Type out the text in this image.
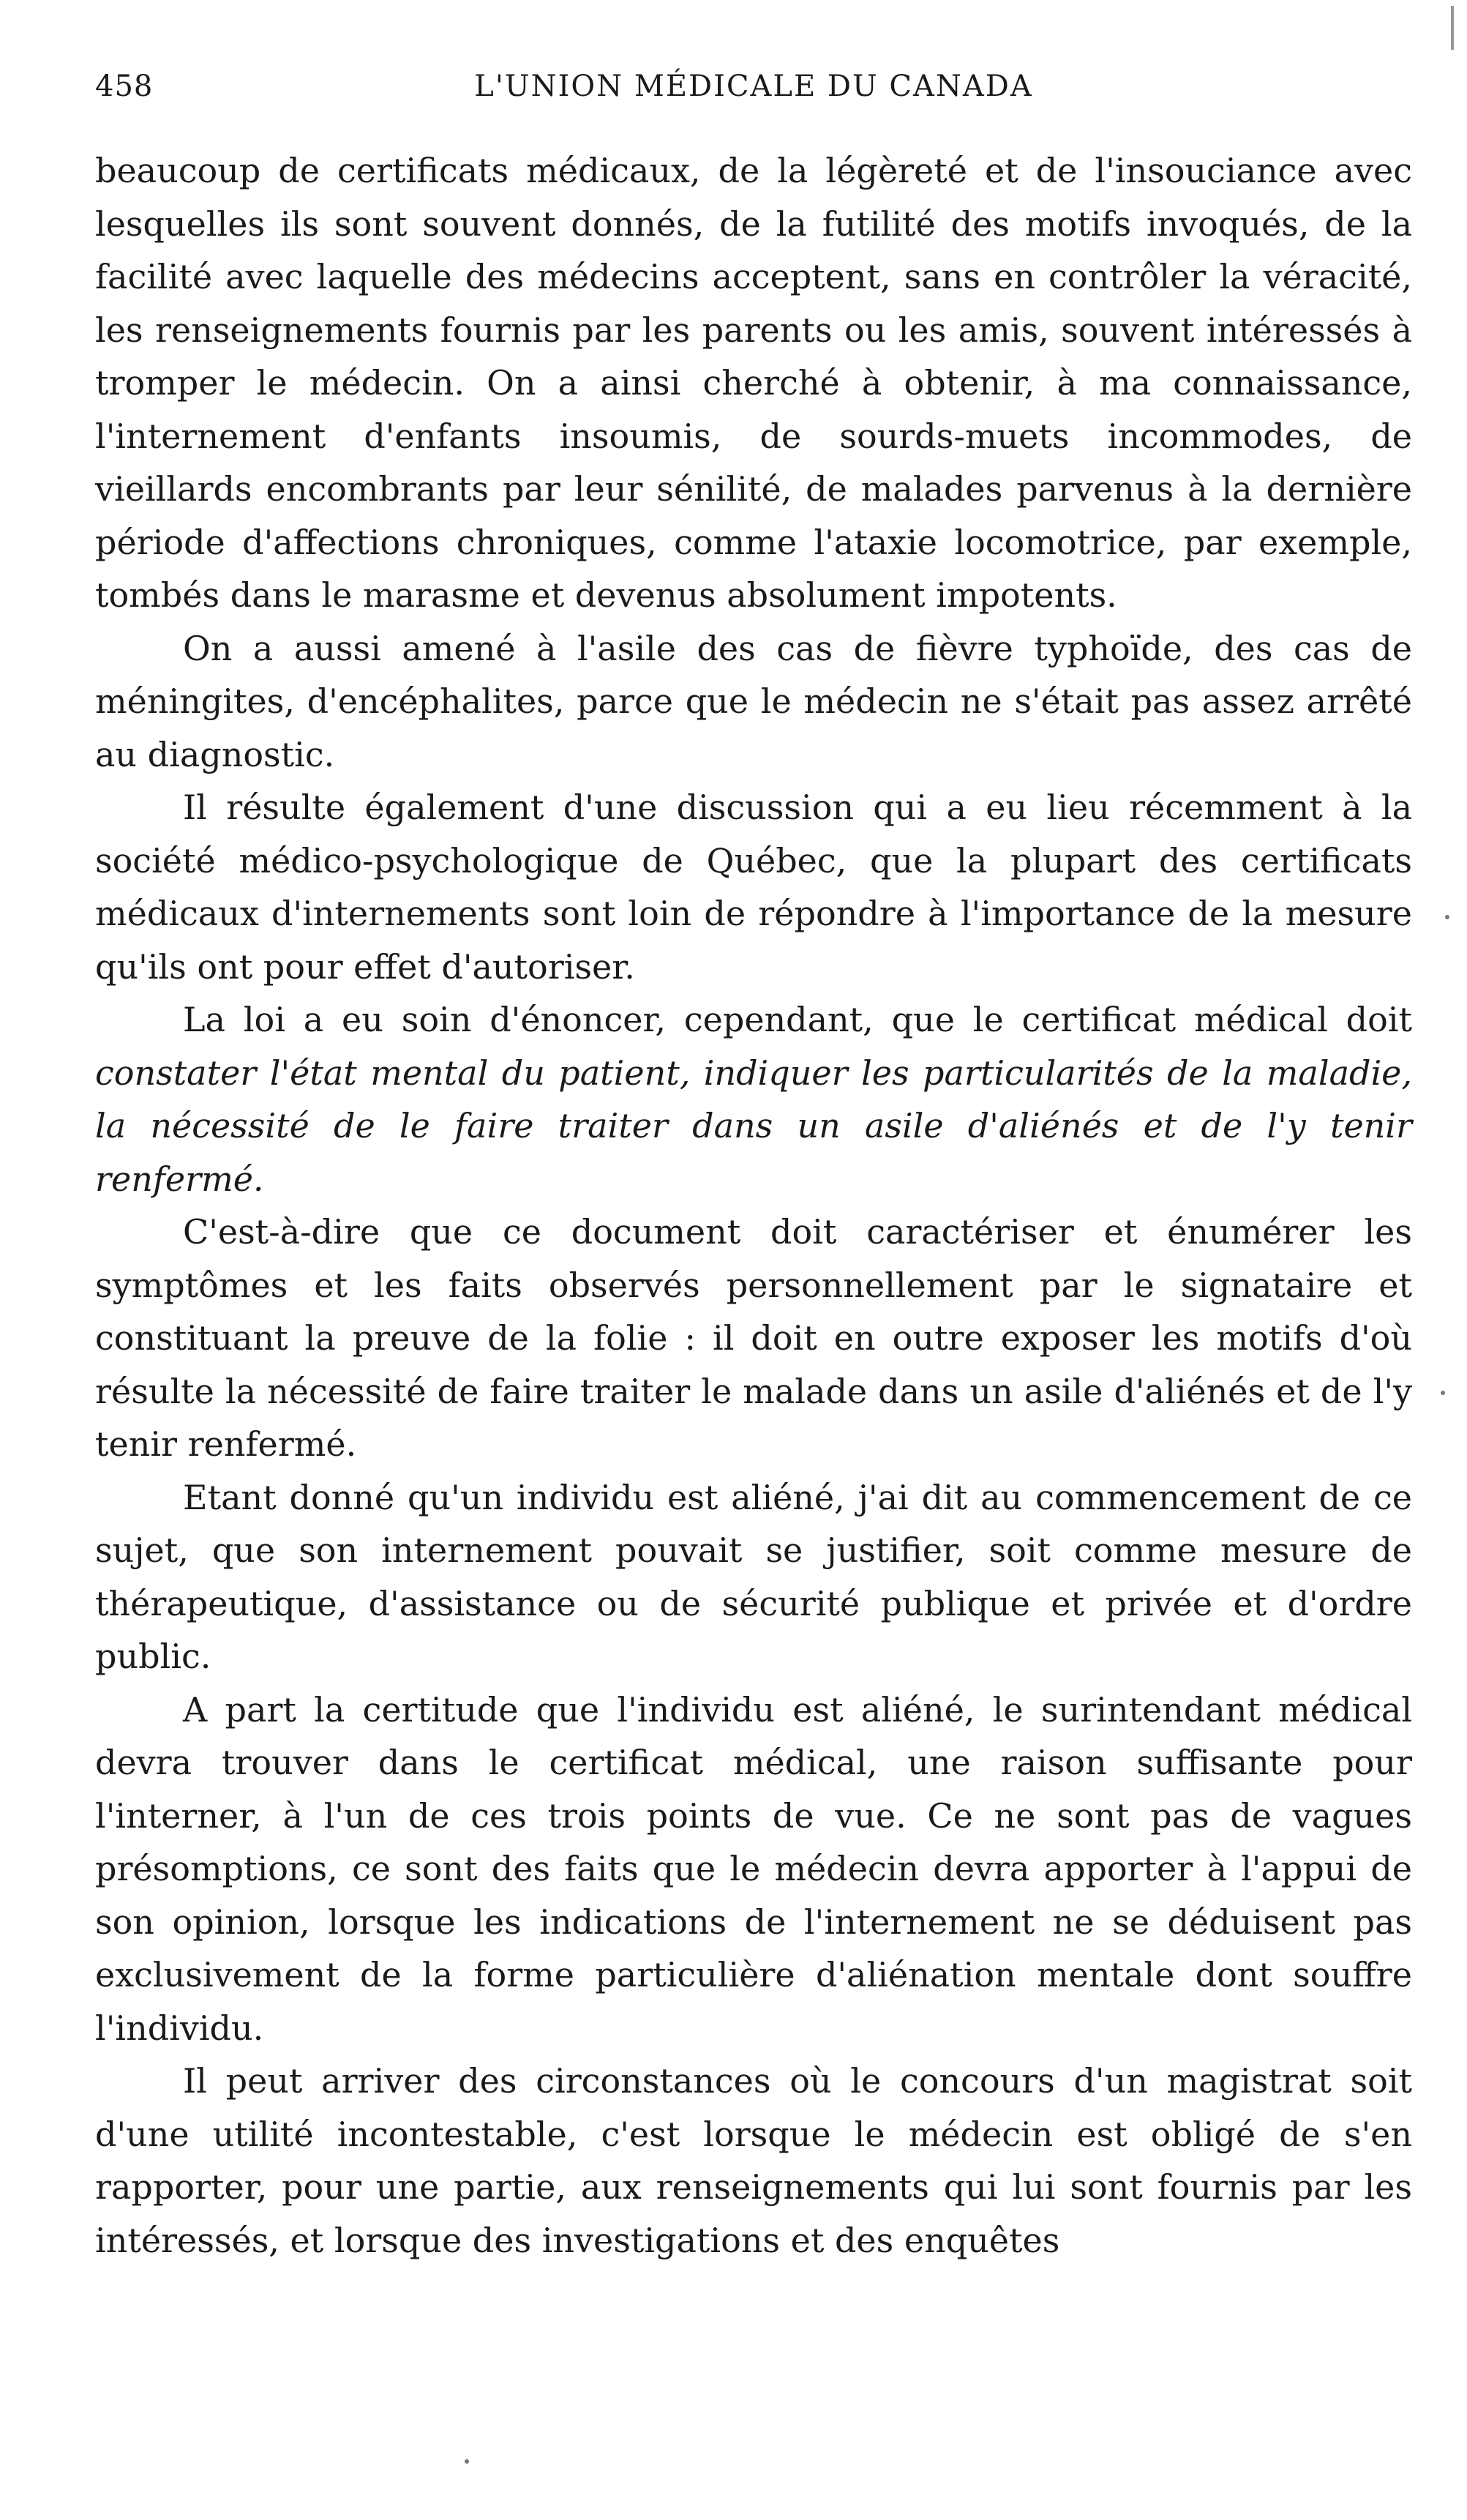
458	L'UNION MÉDICALE DU CANADA

beaucoup de certificats médicaux, de la légèreté et de l'insouciance avec lesquelles ils sont souvent donnés, de la futilité des motifs invoqués, de la facilité avec laquelle des médecins acceptent, sans en contrôler la véracité, les renseignements fournis par les parents ou les amis, souvent intéressés à tromper le médecin. On a ainsi cherché à obtenir, à ma connaissance, l'internement d'enfants insoumis, de sourds-muets incommodes, de vieillards encombrants par leur sénilité, de malades parvenus à la dernière période d'affections chroniques, comme l'ataxie locomotrice, par exemple, tombés dans le marasme et devenus absolument impotents.

On a aussi amené à l'asile des cas de fièvre typhoïde, des cas de méningites, d'encéphalites, parce que le médecin ne s'était pas assez arrêté au diagnostic.

Il résulte également d'une discussion qui a eu lieu récemment à la société médico-psychologique de Québec, que la plupart des certificats médicaux d'internements sont loin de répondre à l'importance de la mesure qu'ils ont pour effet d'autoriser.

La loi a eu soin d'énoncer, cependant, que le certificat médical doit constater l'état mental du patient, indiquer les particularités de la maladie, la nécessité de le faire traiter dans un asile d'aliénés et de l'y tenir renfermé.

C'est-à-dire que ce document doit caractériser et énumérer les symptômes et les faits observés personnellement par le signataire et constituant la preuve de la folie : il doit en outre exposer les motifs d'où résulte la nécessité de faire traiter le malade dans un asile d'aliénés et de l'y tenir renfermé.

Etant donné qu'un individu est aliéné, j'ai dit au commencement de ce sujet, que son internement pouvait se justifier, soit comme mesure de thérapeutique, d'assistance ou de sécurité publique et privée et d'ordre public.

A part la certitude que l'individu est aliéné, le surintendant médical devra trouver dans le certificat médical, une raison suffisante pour l'interner, à l'un de ces trois points de vue. Ce ne sont pas de vagues présomptions, ce sont des faits que le médecin devra apporter à l'appui de son opinion, lorsque les indications de l'internement ne se déduisent pas exclusivement de la forme particulière d'aliénation mentale dont souffre l'individu.

Il peut arriver des circonstances où le concours d'un magistrat soit d'une utilité incontestable, c'est lorsque le médecin est obligé de s'en rapporter, pour une partie, aux renseignements qui lui sont fournis par les intéressés, et lorsque des investigations et des enquêtes
